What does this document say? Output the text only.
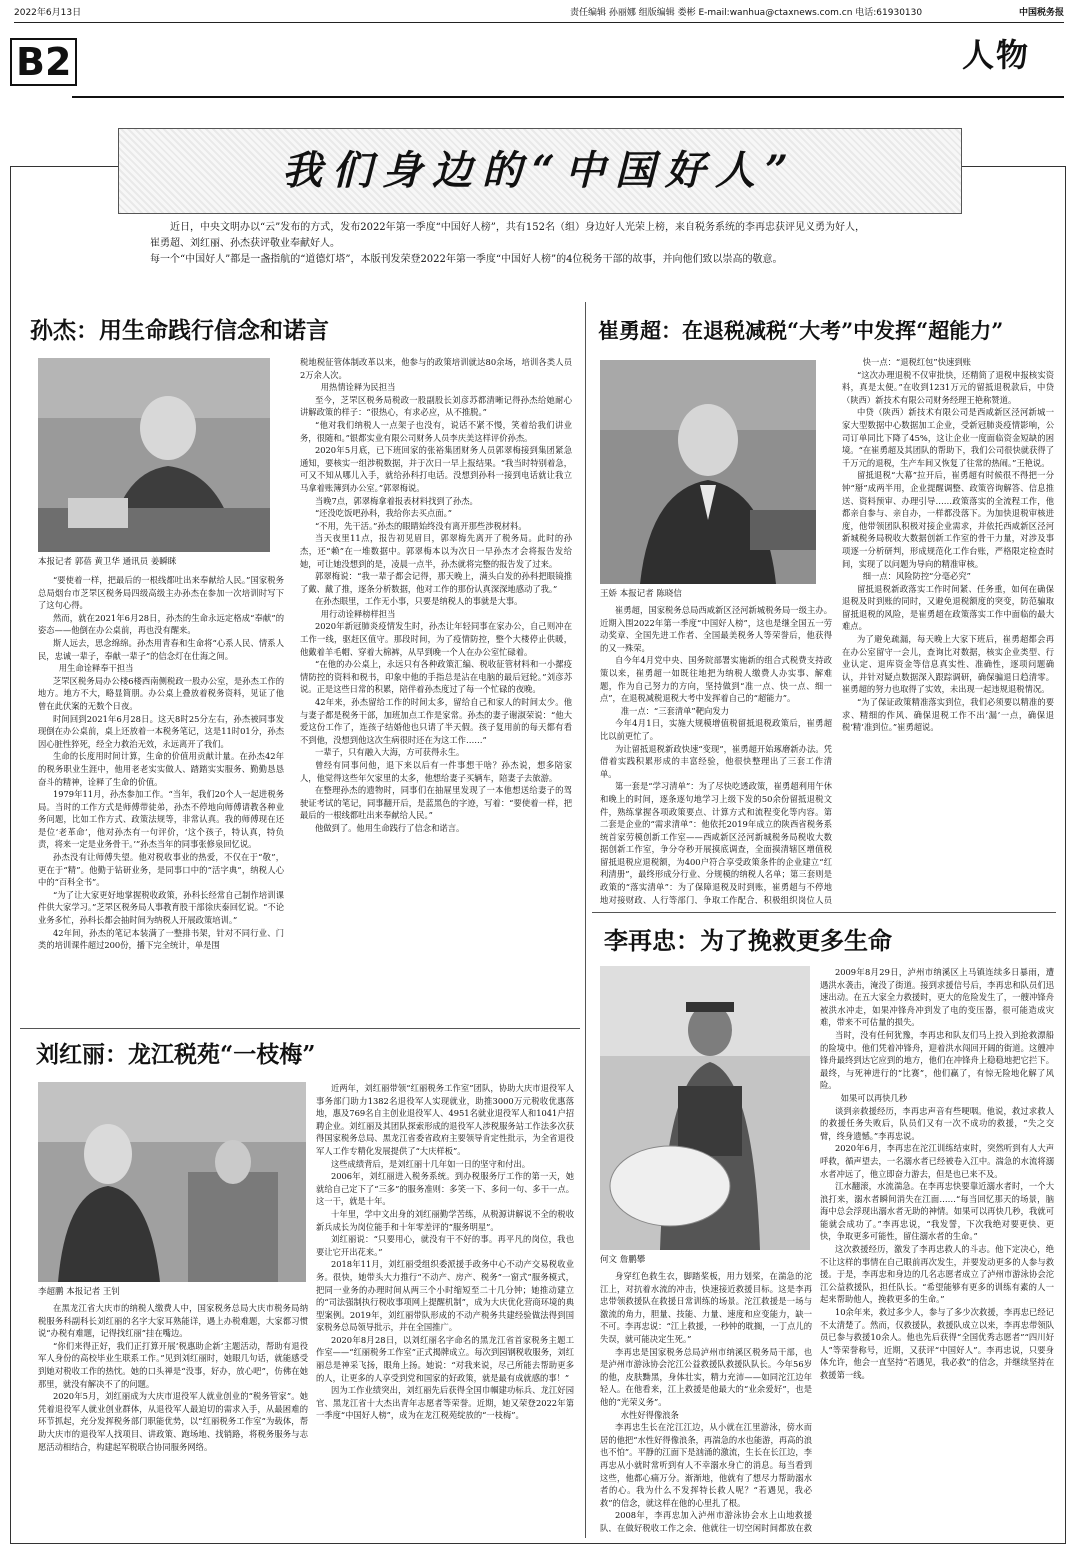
2022年6月13日	责任编辑 孙丽娜 组版编辑 娄彬 E-mail:wanhua@ctaxnews.com.cn 电话:61930130	中国税务报
B2	人物
我们身边的“中国好人”

近日，中央文明办以“云”发布的方式，发布2022年第一季度“中国好人榜”，共有152名（组）身边好人光荣上榜，来自税务系统的李再忠获评见义勇为好人，

崔勇超、刘红丽、孙杰获评敬业奉献好人。

每一个“中国好人”都是一盏指航的“道德灯塔”，本版刊发荣登2022年第一季度“中国好人榜”的4位税务干部的故事，并向他们致以崇高的敬意。

孙杰：用生命践行信念和诺言
本报记者 郭蓓 黄卫华 通讯员 姜瞬眯

“要使着一样，把最后的一根线都吐出来奉献给人民。”国家税务总局烟台市芝罘区税务局四级高级主办孙杰在参加一次培训时写下了这句心得。

然而，就在2021年6月28日，孙杰的生命永远定格成“奉献”的姿态——他倒在办公桌前，再也没有醒来。

斯人远去，思念绵绵。孙杰用青春和生命将“心系人民、情系人民，忠诚一辈子，奉献一辈子”的信念灯在仕海之间。

用生命诠释奉干担当

芝罘区税务局办公楼6楼西南侧税政一股办公室，是孙杰工作的地方。地方不大，略显简朋。办公桌上叠放着税务资料，见证了他曾在此伏案的无数个日夜。

时间回到2021年6月28日。这天8时25分左右，孙杰被同事发现倒在办公桌前，桌上还放着一本税务笔记，这是11时01分，孙杰因心脏性猝死，经全力救治无效，永远离开了我们。

生命的长度用时间计算，生命的价值用贡献计量。在孙杰42年的税务职业生涯中，他用老老实实做人、踏踏实实服务、勤勤恳恳奋斗的精神，诠释了生命的价值。

1979年11月，孙杰参加工作。“当年，我们20个人一起进税务局。当时的工作方式是师傅带徒弟，孙杰不停地向师傅请教各种业务问题，比如工作方式、政策法规等，非常认真。我的师傅现在还是位‘老革命’，他对孙杰有一句评价，‘这个孩子，特认真，特负责，将来一定是业务骨干。’”孙杰当年的同事张修泉回忆说。

孙杰没有让师傅失望。他对税收事业的热爱，不仅在于“敬”，更在于“精”。他勤于钻研业务，是同事口中的“活字典”，纳税人心中的“百科全书”。

“为了让大家更好地掌握税收政策，孙科长经常自己制作培训课件供大家学习。”芝罘区税务局人事教育股干部徐庆泰回忆说。“不论业务多忙，孙科长都会抽时间为纳税人开展政策培训。”

42年间，孙杰的笔记本装满了一整排书架，针对不同行业、门类的培训课件超过200份，播下完全统计，单是围

税地税征管体制改革以来，他参与的政策培训就达80余场，培训各类人员2万余人次。

用热情诠释为民担当

至今，芝罘区税务局税政一股副股长刘彦苏都清晰记得孙杰给她耐心讲解政策的样子：“很热心，有求必应，从不推脱。”

“他对我们纳税人一点架子也没有，说话不紧不慢，笑着给我们讲业务，很随和。”银都实业有限公司财务人员李庆美这样评价孙杰。

2020年5月底，已下班回家的张裕集团财务人员郭翠梅接到集团紧急通知，要核实一组涉税数据，并于次日一早上报结果。“我当时特别着急，可又不知从哪儿入手，就给孙科打电话。没想到孙科一接到电话就让我立马拿着账簿到办公室。”郭翠梅说。

当晚7点，郭翠梅拿着报表材料找到了孙杰。

“还没吃饭吧孙科，我给你去买点面。”

“不用，先干活。”孙杰的眼睛始终没有离开那些涉税材料。

当天夜里11点，报告初见眉目，郭翠梅先离开了税务局。此时的孙杰，还“赖”在一堆数据中。郭翠梅本以为次日一早孙杰才会将报告发给她，可让她没想到的是，凌晨一点半，孙杰就将完整的报告发了过来。

郭翠梅说：“我一辈子都会记得，那天晚上，满头白发的孙科把眼镜推了戴、戴了推，逐条分析数据，他对工作的那份认真深深地感动了我。”

在孙杰眼里，工作无小事，只要是纳税人的事就是大事。

用行动诠释榜样担当

2020年新冠肺炎疫情发生时，孙杰让年轻同事在家办公，自己则冲在工作一线，驱赶区值守。那段时间，为了疫情防控，整个大楼停止供暖，他戴着羊毛帽、穿着大棉裤，从早到晚一个人在办公室忙碌着。

“在他的办公桌上，永远只有各种政策汇编、税收征管材料和一小摞疫情防控的资料和税书，印象中他的手指总是沾在电脑的最后冠轮。”刘彦苏说。正是这些日常的积累，陪伴着孙杰度过了每一个忙碌的夜晚。

42年来，孙杰留给工作的时间太多，留给自己和家人的时间太少。他与妻子都是税务干部，加班加点工作是家常。孙杰的妻子谢淑荣说：“他大爱这份工作了，连孩子结婚他也只请了半天假。孩子复用前的每天都有看不到他，没想到他这次生病很时还在为这工作……”

一辈子，只有融入大海，方可获得永生。

曾经有同事问他，退下来以后有一件事想干啥？孙杰说，想多陪家人，他觉得这些年欠家里的太多，他想给妻子买辆车，陪妻子去旅游。

在整理孙杰的遗物时，同事们在抽屉里发现了一本他想送给妻子的驾驶证考试的笔记，同事翻开后，是蓝黑色的字迹，写着：“要使着一样，把最后的一根线都吐出来奉献给人民。”

他做到了。他用生命践行了信念和诺言。

崔勇超：在退税减税“大考”中发挥“超能力”
王娇 本报记者 陈晓信

崔勇超，国家税务总局西咸新区泾河新城税务局一级主办。近期入围2022年第一季度“中国好人榜”，这也是继全国五一劳动奖章、全国先进工作者、全国最美税务人等荣誉后，他获得的又一殊荣。

自今年4月党中央、国务院部署实施新的组合式税费支持政策以来，崔勇超一如既往地把为纳税人缴费人办实事、解难题，作为自己努力的方向，坚持做到“准一点、快一点、细一点”，在退税减税退税大考中发挥着自己的“超能力”。

准一点：“三套清单”靶向发力

今年4月1日，实施大规模增值税留抵退税政策后，崔勇超比以前更忙了。

为让留抵退税新政快速“变现”，崔勇超开始琢磨新办法。凭借着实践积累形成的丰富经验，他很快整理出了三套工作清单。

第一套是“学习清单”：为了尽快吃透政策，崔勇超利用午休和晚上的时间，逐条逐句地学习上级下发的50余份留抵退税文件，熟练掌握各项政策要点、计算方式和流程变化等内容。第二套是企业的“需求清单”：他依托2019年成立的陕西省税务系统首家劳模创新工作室——西咸新区泾河新城税务局税收大数据创新工作室，争分夺秒开展摸底调查，全面摸清辖区增值税留抵退税应退税额，为400户符合享受政策条件的企业建立“红利清册”，最终形成分行业、分规模的纳税人名单；第三套则是政策的“落实清单”：为了保障退税及时到账，崔勇超与不停地地对接财政、人行等部门，争取工作配合，积极组织岗位人员

快一点：“退税红包”快速到账

“这次办理退税不仅审批快，还精简了退税申报核实资料，真是太便。”在收到1231万元的留抵退税款后，中贷（陕西）新技术有限公司财务经理王艳称赞道。

中贷（陕西）新技术有限公司是西咸新区泾河新城一家大型数据中心数据加工企业，受新冠肺炎疫情影响，公司订单同比下降了45%，这让企业一度面临资金短缺的困境。“在崔勇超及其团队的帮助下，我们公司很快就获得了千万元的退税，生产车间又恢复了往常的热闹。”王艳说。

留抵退税“大幕”拉开后，崔勇超有时候很不得把一分钟“掰”成两半用，企业提醒调整、政策咨询解答、信息推送、资料预审、办理引导……政策落实的全流程工作，他都亲自参与、亲自办，一样都没落下。为加快退税审核进度，他带领团队积极对接企业需求，并依托西咸新区泾河新城税务局税收大数据创新工作室的骨干力量，对涉及事项逐一分析研判，形成规范化工作台账，严格限定检查时间，实现了以问题为导向的精准审核。

细一点：风险防控“分毫必究”

留抵退税新政落实工作时间紧、任务重，如何在确保退税及时到账的同时，又避免退税额度的突变，防范骗取留抵退税的风险，是崔勇超在政策落实工作中面临的最大难点。

为了避免疏漏，每天晚上大家下班后，崔勇超都会再在办公室留守一会儿，查询比对数据，核实企业类型、行业认定、退库资金等信息真实性、准确性，逐项问题确认，并针对疑点数据深入跟踪调研，确保骗退日趋清零。崔勇超的努力也取得了实效，未出现一起违规退税情况。

“为了保证政策精准落实到位，我们必须要以精准的要求、精细的作风、确保退税工作不出‘漏’一点，确保退税‘精’准到位。”崔勇超说。

刘红丽：龙江税苑“一枝梅”
李超鹏 本报记者 王钊

在黑龙江省大庆市的纳税人缴费人中，国家税务总局大庆市税务局纳税服务科副科长刘红丽的名字大家耳熟能详，遇上办税难题，大家都习惯说“办税有难题，记得找红丽”挂在嘴边。

“你们来得正好，我们正打算开展‘税惠助企新’主题活动，帮助有退役军人身份的高校毕业生联系工作。”见到刘红丽时，她眼几句话，就能感受到她对税收工作的热忱。她的口头禅是“没事，好办，放心吧”，仿佛在她那里，就没有解决不了的问题。

2020年5月，刘红丽成为大庆市退役军人就业创业的“税务管家”。她凭着退役军人就业创业群体，从退役军人最迫切的需求入手，从最困难的环节抓起，充分发挥税务部门职能优势，以“红丽税务工作室”为载体，帮助大庆市的退役军人找项目、讲政策、跑场地、找销路，将税务服务与志愿活动相结合，构建起军税联合协同服务网络。

近两年，刘红丽带领“红丽税务工作室”团队，协助大庆市退役军人事务部门助力1382名退役军人实现就业，助推3000万元税收优惠落地，惠及769名自主创业退役军人、4951名就业退役军人和1041户招聘企业。刘红丽及其团队探索形成的退役军人涉税服务站工作法多次获得国家税务总局、黑龙江省委省政府主要领导肯定性批示，为全省退役军人工作专精化发展提供了“大庆样板”。

这些成绩背后，是刘红丽十几年如一日的坚守和付出。

2006年，刘红丽进入税务系统。到办税服务厅工作的第一天，她就给自己定下了“三多”的服务准则：多笑一下、多问一句、多干一点。这一干，就是十年。

十年里，学中文出身的刘红丽勤学苦练，从税源讲解说不全的税收新兵成长为岗位能手和十年零差评的“服务明星”。

刘红丽说：“只要用心，就没有干不好的事。再平凡的岗位，我也要让它开出花来。”

2018年11月，刘红丽受组织委派援手政务中心不动产交易税收业务。很快，她带头大力推行“不动产、房产、税务”一窗式”服务模式，把同一业务的办理时间从两三个小时缩短至二十几分钟；她推动建立的“司法强制执行税收事项网上提醒机制”，成为大庆优化营商环境的典型案例。2019年，刘红丽带队形成的不动产税务共建经验做法得到国家税务总局领导批示，并在全国推广。

2020年8月28日，以刘红丽名字命名的黑龙江省首家税务主题工作室——“红丽税务工作室”正式揭牌成立。每次到园钢税收服务，刘红丽总是神采飞扬，眼角上扬。她说：“对我来说，尽己所能去帮助更多的人，让更多的人享受到党和国家的好政策，就是最有成就感的事！”

因为工作业绩突出，刘红丽先后获得全国巾帼建功标兵、龙江好园官、黑龙江省十大杰出青年志愿者等荣誉。近期，她又荣登2022年第一季度“中国好人榜”，成为在龙江税苑绽放的“一枝梅”。

李再忠：为了挽救更多生命
何文 詹鹏攀

身穿红色救生衣，脚踏桨板，用力划桨，在湍急的沱江上，对抗着水流的冲击，快速接近救援目标。这是李再忠带领救援队在救援日常训练的场景。沱江救援是一场与激流的角力，胆量、技能、力量、速度和应变能力，缺一不可。李再忠说：“江上救援，一秒钟的耽搁，一丁点儿的失误，就可能决定生死。”

李再忠是国家税务总局泸州市纳溪区税务局干部，也是泸州市游泳协会沱江公益救援队救援队队长。今年56岁的他，皮肤黝黑，身体壮实，精力充沛——如同沱江边年轻人。在他看来，江上救援是他最大的“业余爱好”，也是他的“光荣义务”。

水性好得像浪条

李再忠生长在沱江江边，从小就在江里游泳，傍水而居的他把“水性好得像浪条，再湍急的水也能游，再高的浪也不怕”。平静的江面下是汹涌的激流，生长在长江边，李再忠从小就时常听到有人不幸溺水身亡的消息。每当看到这些，他都心痛万分。渐渐地，他就有了想尽力帮助溺水者的心。我为什么不发挥特长救人呢？“若遇见，我必救”的信念，就这样在他的心里扎了根。

2008年，李再忠加入泸州市游泳协会水上山地救援队，在做好税收工作之余，他就往一切空闲时间都放在救

2009年8月29日，泸州市纳溪区上马镇连续多日暴雨，遭遇洪水袭击，淹没了街道。接到求援信号后，李再忠和队员们迅速出动。在五大家全力救援时，更大的危险发生了，一艘冲锋舟被洪水冲走，如果冲锋舟冲到发了电的变压器，很可能造成灾难，带来不可估量的损失。

当时，没有任何犹豫，李再忠和队友们马上投入到抢救漂船的险境中。他们凭着冲锋舟，迎着洪水闯回开阔的街道。这艘冲锋舟最终到达它应到的地方，他们在冲锋舟上稳稳地把它拦下。最终，与死神进行的“比赛”，他们赢了，有惊无险地化解了风险。

如果可以再快几秒

谈到亲救援经历，李再忠声音有些哽咽。他说，救过求救人的救援任务失败后，队员们又有一次不成功的救援，“失之交臂，终身遗憾。”李再忠说。

2020年6月，李再忠在沱江训练结束时，突然听到有人大声呼救，循声望去，一名溺水者已经被卷入江中。湍急的水流将溺水者冲远了，他立即奋力游去，但是也已来不及。

江水翻滚，水流湍急。在李再忠快要靠近溺水者时，一个大浪打来，溺水者瞬间消失在江面……“每当回忆那天的场景，脑海中总会浮现出溺水者无助的神情。如果可以再快几秒，我就可能就会成功了。”李再忠说，“我发誓，下次我绝对要更快、更快，争取更多可能性，留住溺水者的生命。”

这次救援经历，激发了李再忠救人的斗志。他下定决心，绝不让这样的事情在自己眼前再次发生，并要发动更多的人参与救援。于是，李再忠和身边的几名志愿者成立了泸州市游泳协会沱江公益救援队，担任队长。“希望能够有更多的训练有素的人一起来帮助他人，挽救更多的生命。”

10余年来，救过多少人，参与了多少次救援，李再忠已经记不太清楚了。然而，仅救援队，救援队成立以来，李再忠带领队员已参与救援10余人。他也先后获得“全国优秀志愿者”“四川好人”等荣誉称号，近期，又获评“中国好人”。李再忠说，只要身体允许，他会一直坚持“若遇见，我必救”的信念，并继续坚持在救援第一线。
